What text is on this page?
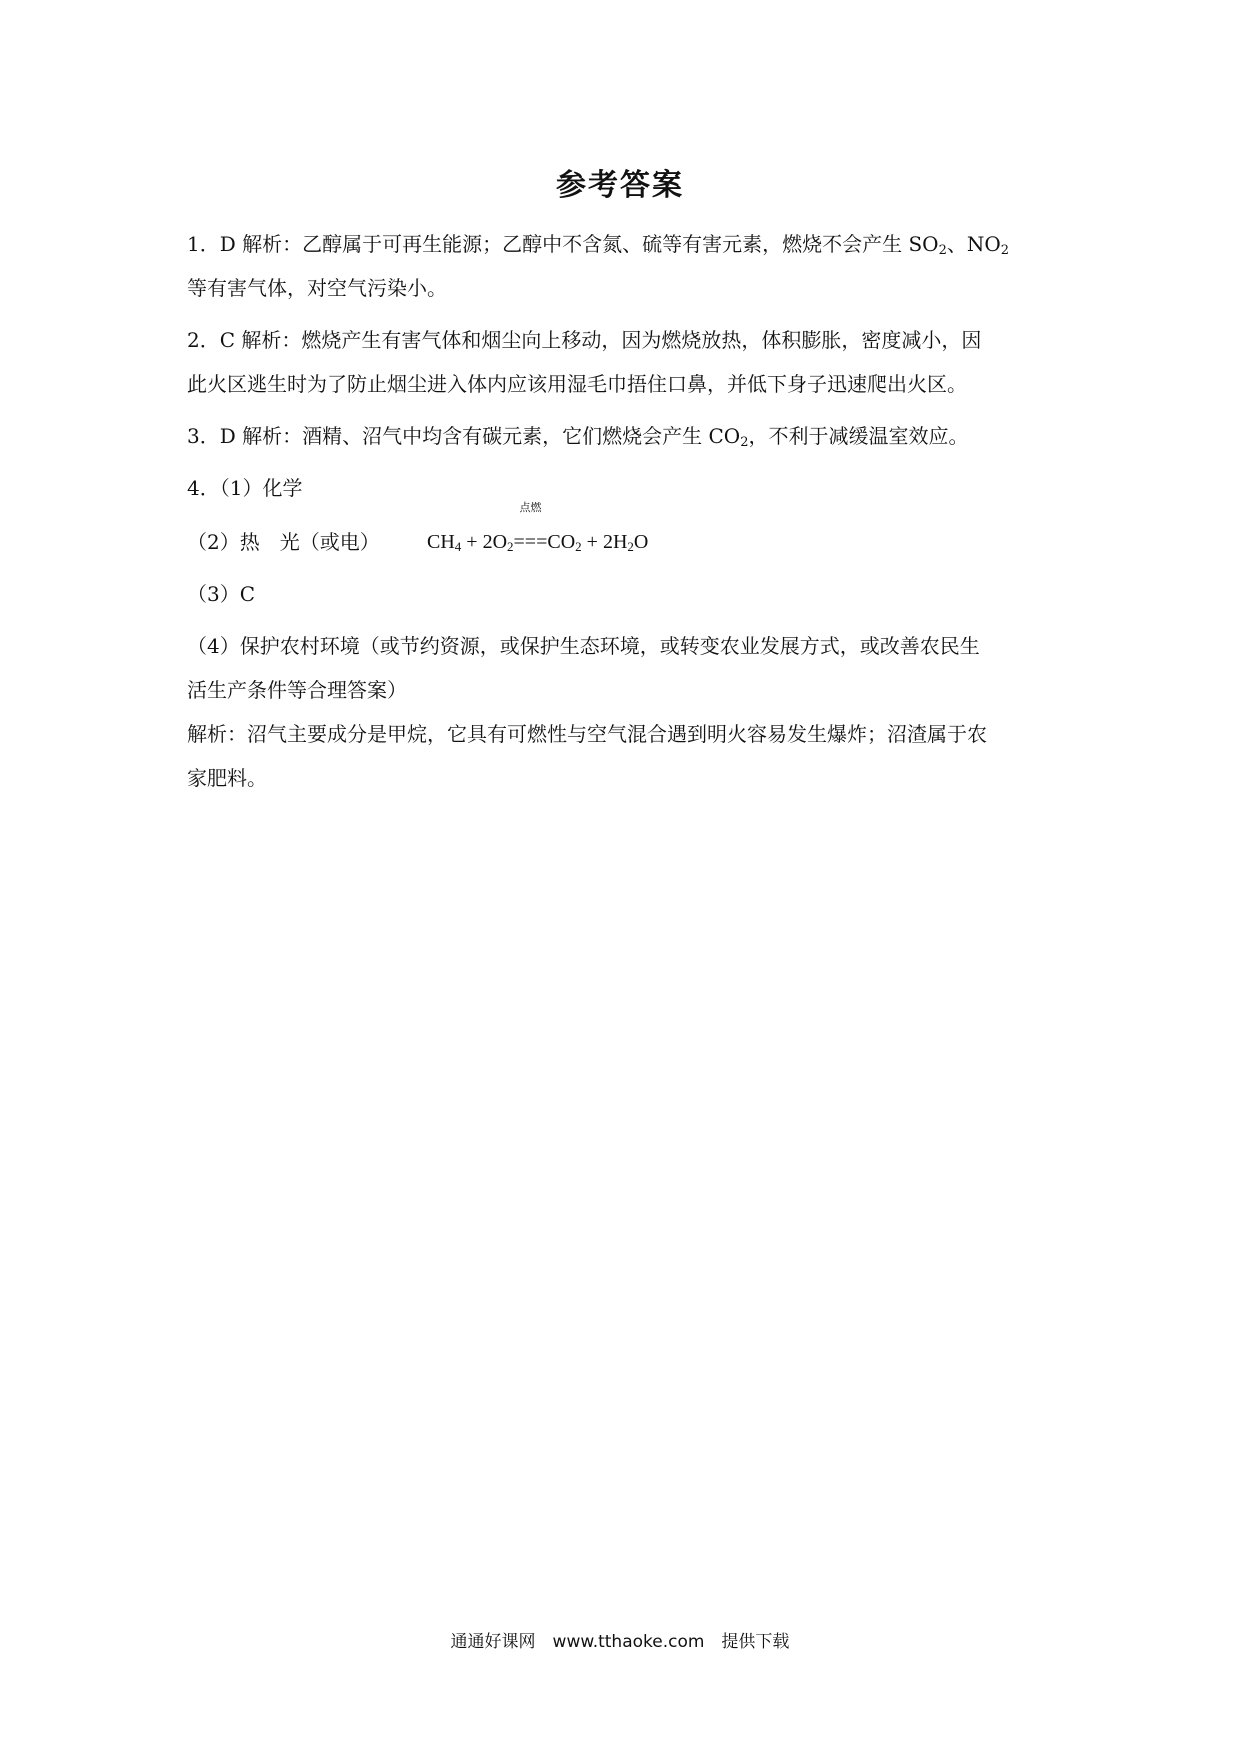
参考答案

1．D 解析：乙醇属于可再生能源；乙醇中不含氮、硫等有害元素，燃烧不会产生 $SO_2$、$NO_2$
等有害气体，对空气污染小。

2．C 解析：燃烧产生有害气体和烟尘向上移动，因为燃烧放热，体积膨胀，密度减小，因
此火区逃生时为了防止烟尘进入体内应该用湿毛巾捂住口鼻，并低下身子迅速爬出火区。

3．D 解析：酒精、沼气中均含有碳元素，它们燃烧会产生 $CO_2$，不利于减缓温室效应。

4．（1）化学

（2）热　光（或电） $CH_4 + 2O_2$
点燃
$===CO_2 + 2H_2O$

（3）C

（4）保护农村环境（或节约资源，或保护生态环境，或转变农业发展方式，或改善农民生
活生产条件等合理答案）

解析：沼气主要成分是甲烷，它具有可燃性与空气混合遇到明火容易发生爆炸；沼渣属于农
家肥料。

通通好课网　www.tthaoke.com　提供下载
